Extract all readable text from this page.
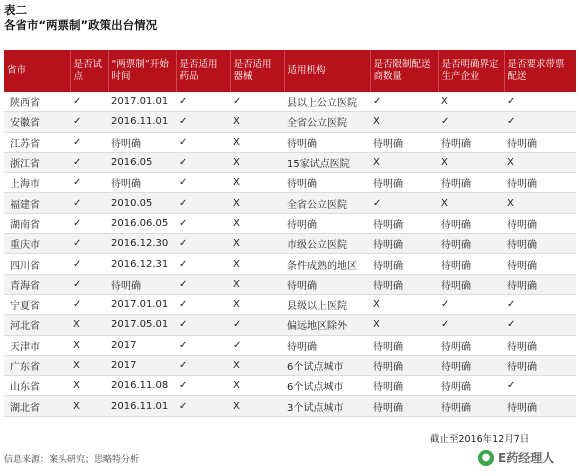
表二
各省市“两票制”政策出台情况
省市	是否试点	“两票制”开始时间	是否适用药品	是否适用器械	适用机构	是否限制配送商数量	是否明确界定生产企业	是否要求带票配送
陕西省	✓	2017.01.01	✓	✓	县以上公立医院	✓	X	✓
安徽省	✓	2016.11.01	✓	X	全省公立医院	X	✓	✓
江苏省	✓	待明确	✓	X	待明确	待明确	待明确	待明确
浙江省	✓	2016.05	✓	X	15家试点医院	X	X	X
上海市	✓	待明确	✓	X	待明确	待明确	待明确	待明确
福建省	✓	2010.05	✓	X	全省公立医院	✓	X	X
湖南省	✓	2016.06.05	✓	X	待明确	待明确	待明确	待明确
重庆市	✓	2016.12.30	✓	X	市级公立医院	待明确	待明确	待明确
四川省	✓	2016.12.31	✓	X	条件成熟的地区	待明确	待明确	待明确
青海省	✓	待明确	✓	X	待明确	待明确	待明确	待明确
宁夏省	✓	2017.01.01	✓	X	县级以上医院	X	✓	✓
河北省	X	2017.05.01	✓	✓	偏远地区除外	X	✓	✓
天津市	X	2017	✓	✓	待明确	待明确	待明确	待明确
广东省	X	2017	✓	X	6个试点城市	待明确	待明确	待明确
山东省	X	2016.11.08	✓	X	6个试点城市	待明确	待明确	✓
湖北省	X	2016.11.01	✓	X	3个试点城市	待明确	待明确	待明确
截止至2016年12月7日
信息来源：案头研究；思略特分析	● E药经理人
